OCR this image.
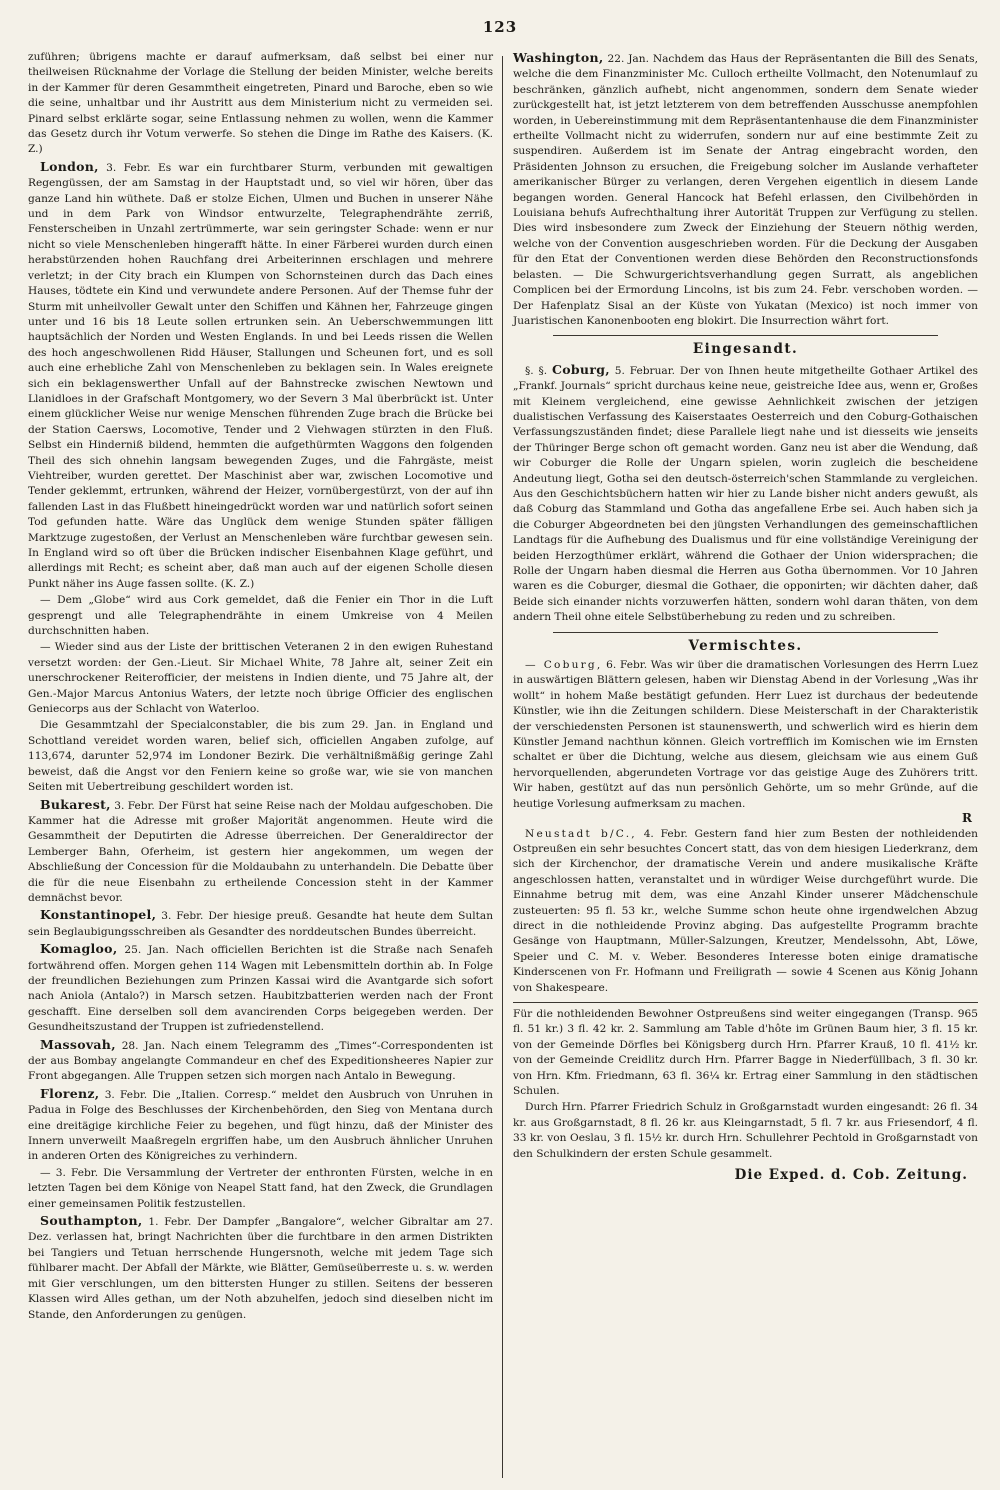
123

zuführen; übrigens machte er darauf aufmerksam, daß selbst bei einer nur theilweisen Rücknahme der Vorlage die Stellung der beiden Minister, welche bereits in der Kammer für deren Gesammtheit eingetreten, Pinard und Baroche, eben so wie die seine, unhaltbar und ihr Austritt aus dem Ministerium nicht zu vermeiden sei. Pinard selbst erklärte sogar, seine Entlassung nehmen zu wollen, wenn die Kammer das Gesetz durch ihr Votum verwerfe. So stehen die Dinge im Rathe des Kaisers. (K. Z.)

London, 3. Febr. Es war ein furchtbarer Sturm, verbunden mit gewaltigen Regengüssen, der am Samstag in der Hauptstadt und, so viel wir hören, über das ganze Land hin wüthete. Daß er stolze Eichen, Ulmen und Buchen in unserer Nähe und in dem Park von Windsor entwurzelte, Telegraphendrähte zerriß, Fensterscheiben in Unzahl zertrümmerte, war sein geringster Schade: wenn er nur nicht so viele Menschenleben hingerafft hätte. In einer Färberei wurden durch einen herabstürzenden hohen Rauchfang drei Arbeiterinnen erschlagen und mehrere verletzt; in der City brach ein Klumpen von Schornsteinen durch das Dach eines Hauses, tödtete ein Kind und verwundete andere Personen. Auf der Themse fuhr der Sturm mit unheilvoller Gewalt unter den Schiffen und Kähnen her, Fahrzeuge gingen unter und 16 bis 18 Leute sollen ertrunken sein. An Ueberschwemmungen litt hauptsächlich der Norden und Westen Englands. In und bei Leeds rissen die Wellen des hoch angeschwollenen Ridd Häuser, Stallungen und Scheunen fort, und es soll auch eine erhebliche Zahl von Menschenleben zu beklagen sein. In Wales ereignete sich ein beklagenswerther Unfall auf der Bahnstrecke zwischen Newtown und Llanidloes in der Grafschaft Montgomery, wo der Severn 3 Mal überbrückt ist. Unter einem glücklicher Weise nur wenige Menschen führenden Zuge brach die Brücke bei der Station Caersws, Locomotive, Tender und 2 Viehwagen stürzten in den Fluß. Selbst ein Hinderniß bildend, hemmten die aufgethürmten Waggons den folgenden Theil des sich ohnehin langsam bewegenden Zuges, und die Fahrgäste, meist Viehtreiber, wurden gerettet. Der Maschinist aber war, zwischen Locomotive und Tender geklemmt, ertrunken, während der Heizer, vornübergestürzt, von der auf ihn fallenden Last in das Flußbett hineingedrückt worden war und natürlich sofort seinen Tod gefunden hatte. Wäre das Unglück dem wenige Stunden später fälligen Marktzuge zugestoßen, der Verlust an Menschenleben wäre furchtbar gewesen sein. In England wird so oft über die Brücken indischer Eisenbahnen Klage geführt, und allerdings mit Recht; es scheint aber, daß man auch auf der eigenen Scholle diesen Punkt näher ins Auge fassen sollte. (K. Z.)

— Dem „Globe“ wird aus Cork gemeldet, daß die Fenier ein Thor in die Luft gesprengt und alle Telegraphendrähte in einem Umkreise von 4 Meilen durchschnitten haben.

— Wieder sind aus der Liste der brittischen Veteranen 2 in den ewigen Ruhestand versetzt worden: der Gen.-Lieut. Sir Michael White, 78 Jahre alt, seiner Zeit ein unerschrockener Reiterofficier, der meistens in Indien diente, und 75 Jahre alt, der Gen.-Major Marcus Antonius Waters, der letzte noch übrige Officier des englischen Geniecorps aus der Schlacht von Waterloo.

Die Gesammtzahl der Specialconstabler, die bis zum 29. Jan. in England und Schottland vereidet worden waren, belief sich, officiellen Angaben zufolge, auf 113,674, darunter 52,974 im Londoner Bezirk. Die verhältnißmäßig geringe Zahl beweist, daß die Angst vor den Feniern keine so große war, wie sie von manchen Seiten mit Uebertreibung geschildert worden ist.

Bukarest, 3. Febr. Der Fürst hat seine Reise nach der Moldau aufgeschoben. Die Kammer hat die Adresse mit großer Majorität angenommen. Heute wird die Gesammtheit der Deputirten die Adresse überreichen. Der Generaldirector der Lemberger Bahn, Oferheim, ist gestern hier angekommen, um wegen der Abschließung der Concession für die Moldaubahn zu unterhandeln. Die Debatte über die für die neue Eisenbahn zu ertheilende Concession steht in der Kammer demnächst bevor.

Konstantinopel, 3. Febr. Der hiesige preuß. Gesandte hat heute dem Sultan sein Beglaubigungsschreiben als Gesandter des norddeutschen Bundes überreicht.

Komagloo, 25. Jan. Nach officiellen Berichten ist die Straße nach Senafeh fortwährend offen. Morgen gehen 114 Wagen mit Lebensmitteln dorthin ab. In Folge der freundlichen Beziehungen zum Prinzen Kassai wird die Avantgarde sich sofort nach Aniola (Antalo?) in Marsch setzen. Haubitzbatterien werden nach der Front geschafft. Eine derselben soll dem avancirenden Corps beigegeben werden. Der Gesundheitszustand der Truppen ist zufriedenstellend.

Massovah, 28. Jan. Nach einem Telegramm des „Times“-Correspondenten ist der aus Bombay angelangte Commandeur en chef des Expeditionsheeres Napier zur Front abgegangen. Alle Truppen setzen sich morgen nach Antalo in Bewegung.

Florenz, 3. Febr. Die „Italien. Corresp.“ meldet den Ausbruch von Unruhen in Padua in Folge des Beschlusses der Kirchenbehörden, den Sieg von Mentana durch eine dreitägige kirchliche Feier zu begehen, und fügt hinzu, daß der Minister des Innern unverweilt Maaßregeln ergriffen habe, um den Ausbruch ähnlicher Unruhen in anderen Orten des Königreiches zu verhindern.

— 3. Febr. Die Versammlung der Vertreter der enthronten Fürsten, welche in en letzten Tagen bei dem Könige von Neapel Statt fand, hat den Zweck, die Grundlagen einer gemeinsamen Politik festzustellen.

Southampton, 1. Febr. Der Dampfer „Bangalore“, welcher Gibraltar am 27. Dez. verlassen hat, bringt Nachrichten über die furchtbare in den armen Distrikten bei Tangiers und Tetuan herrschende Hungersnoth, welche mit jedem Tage sich fühlbarer macht. Der Abfall der Märkte, wie Blätter, Gemüseüberreste u. s. w. werden mit Gier verschlungen, um den bittersten Hunger zu stillen. Seitens der besseren Klassen wird Alles gethan, um der Noth abzuhelfen, jedoch sind dieselben nicht im Stande, den Anforderungen zu genügen.

Washington, 22. Jan. Nachdem das Haus der Repräsentanten die Bill des Senats, welche die dem Finanzminister Mc. Culloch ertheilte Vollmacht, den Notenumlauf zu beschränken, gänzlich aufhebt, nicht angenommen, sondern dem Senate wieder zurückgestellt hat, ist jetzt letzterem von dem betreffenden Ausschusse anempfohlen worden, in Uebereinstimmung mit dem Repräsentantenhause die dem Finanzminister ertheilte Vollmacht nicht zu widerrufen, sondern nur auf eine bestimmte Zeit zu suspendiren. Außerdem ist im Senate der Antrag eingebracht worden, den Präsidenten Johnson zu ersuchen, die Freigebung solcher im Auslande verhafteter amerikanischer Bürger zu verlangen, deren Vergehen eigentlich in diesem Lande begangen worden. General Hancock hat Befehl erlassen, den Civilbehörden in Louisiana behufs Aufrechthaltung ihrer Autorität Truppen zur Verfügung zu stellen. Dies wird insbesondere zum Zweck der Einziehung der Steuern nöthig werden, welche von der Convention ausgeschrieben worden. Für die Deckung der Ausgaben für den Etat der Conventionen werden diese Behörden den Reconstructionsfonds belasten. — Die Schwurgerichtsverhandlung gegen Surratt, als angeblichen Complicen bei der Ermordung Lincolns, ist bis zum 24. Febr. verschoben worden. — Der Hafenplatz Sisal an der Küste von Yukatan (Mexico) ist noch immer von Juaristischen Kanonenbooten eng blokirt. Die Insurrection währt fort.

Eingesandt.

§. §. Coburg, 5. Februar. Der von Ihnen heute mitgetheilte Gothaer Artikel des „Frankf. Journals“ spricht durchaus keine neue, geistreiche Idee aus, wenn er, Großes mit Kleinem vergleichend, eine gewisse Aehnlichkeit zwischen der jetzigen dualistischen Verfassung des Kaiserstaates Oesterreich und den Coburg-Gothaischen Verfassungszuständen findet; diese Parallele liegt nahe und ist diesseits wie jenseits der Thüringer Berge schon oft gemacht worden. Ganz neu ist aber die Wendung, daß wir Coburger die Rolle der Ungarn spielen, worin zugleich die bescheidene Andeutung liegt, Gotha sei den deutsch-österreich'schen Stammlande zu vergleichen. Aus den Geschichtsbüchern hatten wir hier zu Lande bisher nicht anders gewußt, als daß Coburg das Stammland und Gotha das angefallene Erbe sei. Auch haben sich ja die Coburger Abgeordneten bei den jüngsten Verhandlungen des gemeinschaftlichen Landtags für die Aufhebung des Dualismus und für eine vollständige Vereinigung der beiden Herzogthümer erklärt, während die Gothaer der Union widersprachen; die Rolle der Ungarn haben diesmal die Herren aus Gotha übernommen. Vor 10 Jahren waren es die Coburger, diesmal die Gothaer, die opponirten; wir dächten daher, daß Beide sich einander nichts vorzuwerfen hätten, sondern wohl daran thäten, von dem andern Theil ohne eitele Selbstüberhebung zu reden und zu schreiben.

Vermischtes.

— Coburg, 6. Febr. Was wir über die dramatischen Vorlesungen des Herrn Luez in auswärtigen Blättern gelesen, haben wir Dienstag Abend in der Vorlesung „Was ihr wollt“ in hohem Maße bestätigt gefunden. Herr Luez ist durchaus der bedeutende Künstler, wie ihn die Zeitungen schildern. Diese Meisterschaft in der Charakteristik der verschiedensten Personen ist staunenswerth, und schwerlich wird es hierin dem Künstler Jemand nachthun können. Gleich vortrefflich im Komischen wie im Ernsten schaltet er über die Dichtung, welche aus diesem, gleichsam wie aus einem Guß hervorquellenden, abgerundeten Vortrage vor das geistige Auge des Zuhörers tritt. Wir haben, gestützt auf das nun persönlich Gehörte, um so mehr Gründe, auf die heutige Vorlesung aufmerksam zu machen.

R

Neustadt b/C., 4. Febr. Gestern fand hier zum Besten der nothleidenden Ostpreußen ein sehr besuchtes Concert statt, das von dem hiesigen Liederkranz, dem sich der Kirchenchor, der dramatische Verein und andere musikalische Kräfte angeschlossen hatten, veranstaltet und in würdiger Weise durchgeführt wurde. Die Einnahme betrug mit dem, was eine Anzahl Kinder unserer Mädchenschule zusteuerten: 95 fl. 53 kr., welche Summe schon heute ohne irgendwelchen Abzug direct in die nothleidende Provinz abging. Das aufgestellte Programm brachte Gesänge von Hauptmann, Müller-Salzungen, Kreutzer, Mendelssohn, Abt, Löwe, Speier und C. M. v. Weber. Besonderes Interesse boten einige dramatische Kinderscenen von Fr. Hofmann und Freiligrath — sowie 4 Scenen aus König Johann von Shakespeare.

Für die nothleidenden Bewohner Ostpreußens sind weiter eingegangen (Transp. 965 fl. 51 kr.) 3 fl. 42 kr. 2. Sammlung am Table d'hôte im Grünen Baum hier, 3 fl. 15 kr. von der Gemeinde Dörfles bei Königsberg durch Hrn. Pfarrer Krauß, 10 fl. 41½ kr. von der Gemeinde Creidlitz durch Hrn. Pfarrer Bagge in Niederfüllbach, 3 fl. 30 kr. von Hrn. Kfm. Friedmann, 63 fl. 36¼ kr. Ertrag einer Sammlung in den städtischen Schulen.

Durch Hrn. Pfarrer Friedrich Schulz in Großgarnstadt wurden eingesandt: 26 fl. 34 kr. aus Großgarnstadt, 8 fl. 26 kr. aus Kleingarnstadt, 5 fl. 7 kr. aus Friesendorf, 4 fl. 33 kr. von Oeslau, 3 fl. 15½ kr. durch Hrn. Schullehrer Pechtold in Großgarnstadt von den Schulkindern der ersten Schule gesammelt.

Die Exped. d. Cob. Zeitung.
